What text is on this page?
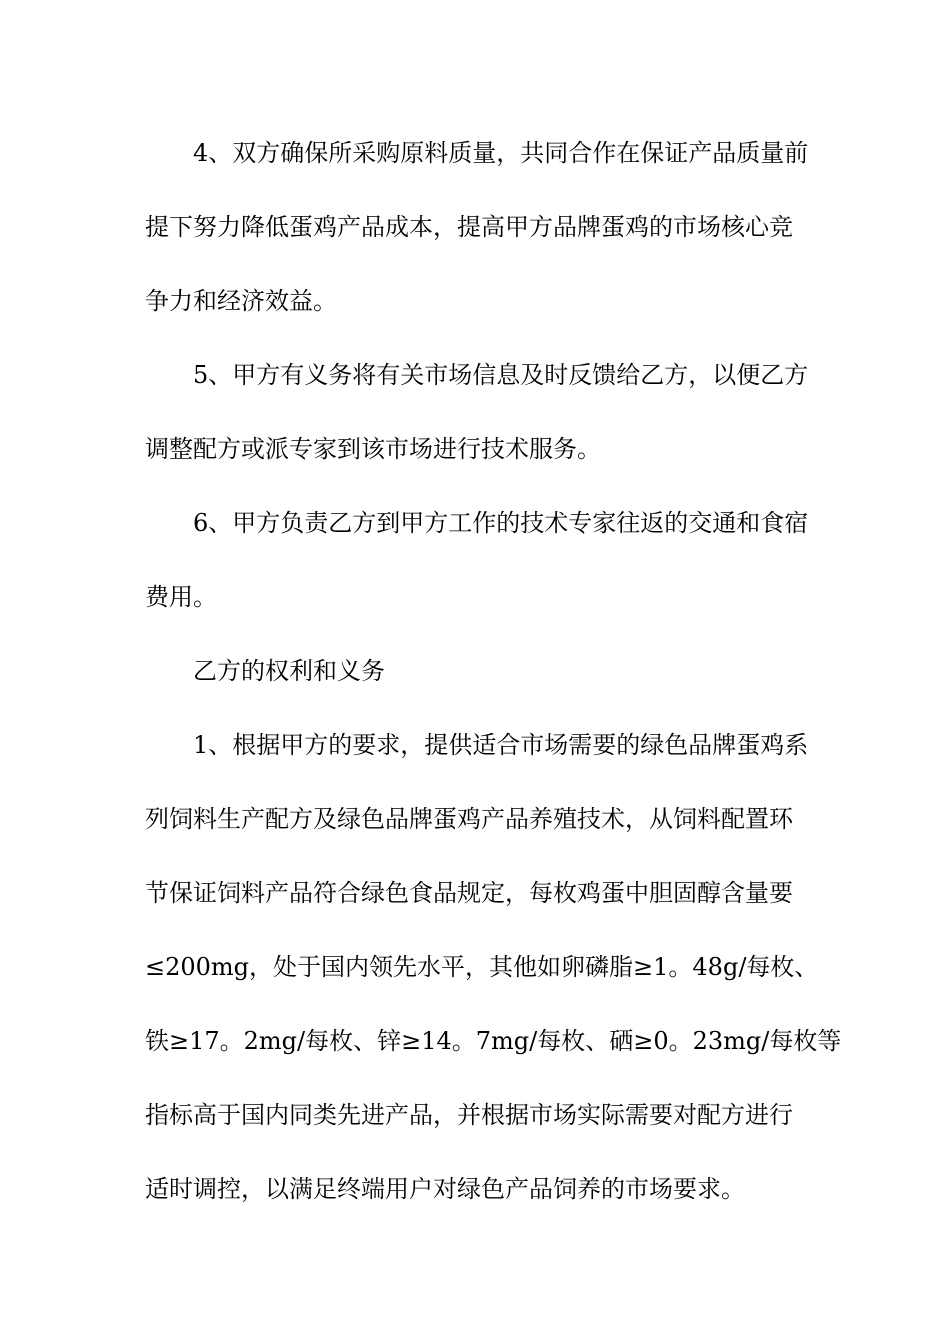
4、双方确保所采购原料质量，共同合作在保证产品质量前

提下努力降低蛋鸡产品成本，提高甲方品牌蛋鸡的市场核心竞

争力和经济效益。

5、甲方有义务将有关市场信息及时反馈给乙方，以便乙方

调整配方或派专家到该市场进行技术服务。

6、甲方负责乙方到甲方工作的技术专家往返的交通和食宿

费用。

乙方的权利和义务

1、根据甲方的要求，提供适合市场需要的绿色品牌蛋鸡系

列饲料生产配方及绿色品牌蛋鸡产品养殖技术，从饲料配置环

节保证饲料产品符合绿色食品规定，每枚鸡蛋中胆固醇含量要

≤200mg，处于国内领先水平，其他如卵磷脂≥1。48g/每枚、

铁≥17。2mg/每枚、锌≥14。7mg/每枚、硒≥0。23mg/每枚等

指标高于国内同类先进产品，并根据市场实际需要对配方进行

适时调控，以满足终端用户对绿色产品饲养的市场要求。
